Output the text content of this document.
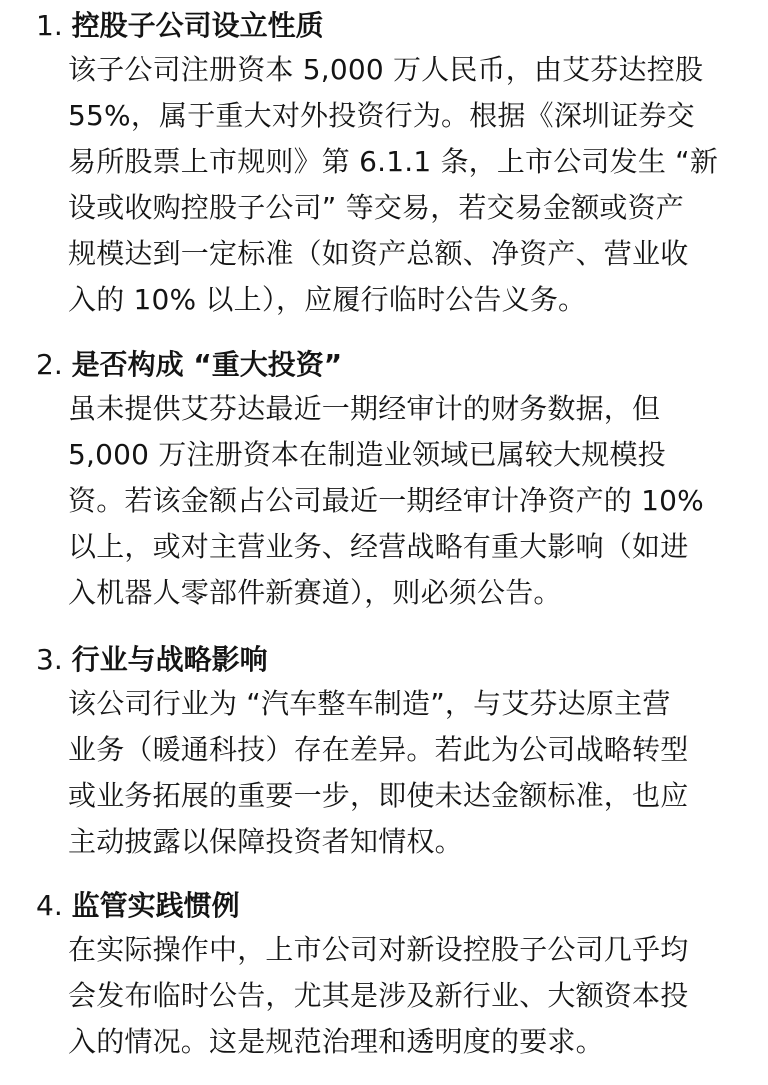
1. 控股子公司设立性质
该子公司注册资本 5,000 万人民币，由艾芬达控股
55%，属于重大对外投资行为。根据《深圳证券交
易所股票上市规则》第 6.1.1 条，上市公司发生 “新
设或收购控股子公司” 等交易，若交易金额或资产
规模达到一定标准（如资产总额、净资产、营业收
入的 10% 以上），应履行临时公告义务。
2. 是否构成 “重大投资”
虽未提供艾芬达最近一期经审计的财务数据，但
5,000 万注册资本在制造业领域已属较大规模投
资。若该金额占公司最近一期经审计净资产的 10%
以上，或对主营业务、经营战略有重大影响（如进
入机器人零部件新赛道），则必须公告。
3. 行业与战略影响
该公司行业为 “汽车整车制造”，与艾芬达原主营
业务（暖通科技）存在差异。若此为公司战略转型
或业务拓展的重要一步，即使未达金额标准，也应
主动披露以保障投资者知情权。
4. 监管实践惯例
在实际操作中，上市公司对新设控股子公司几乎均
会发布临时公告，尤其是涉及新行业、大额资本投
入的情况。这是规范治理和透明度的要求。
